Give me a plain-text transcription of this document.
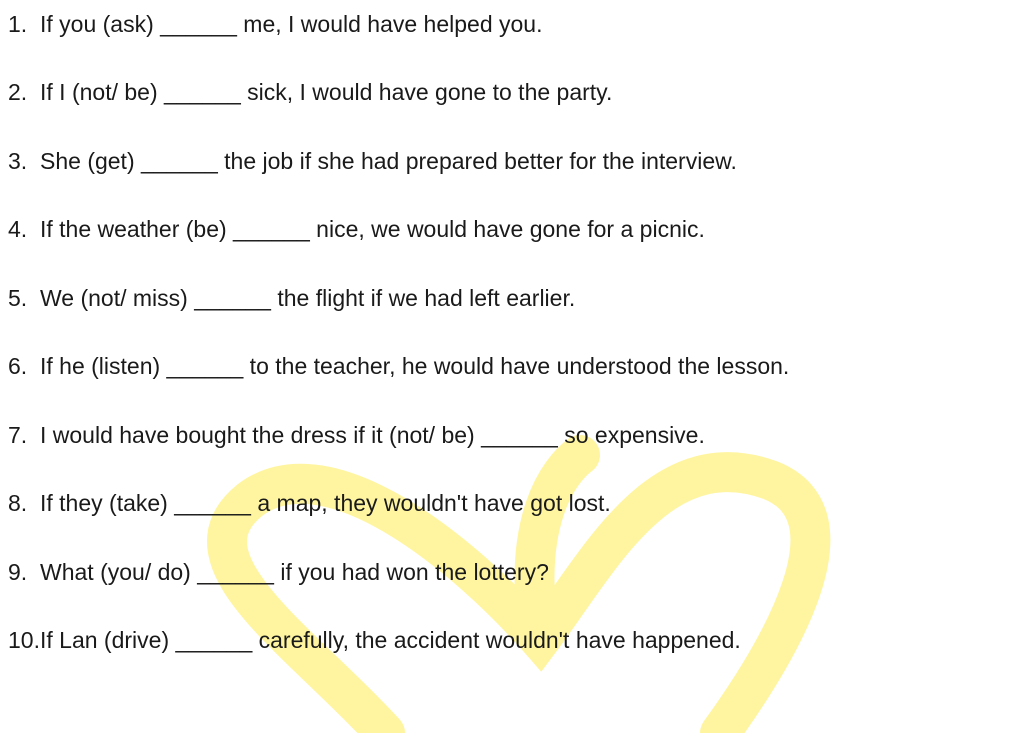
1. If you (ask) ______ me, I would have helped you.
2. If I (not/ be) ______ sick, I would have gone to the party.
3. She (get) ______ the job if she had prepared better for the interview.
4. If the weather (be) ______ nice, we would have gone for a picnic.
5. We (not/ miss) ______ the flight if we had left earlier.
6. If he (listen) ______ to the teacher, he would have understood the lesson.
7. I would have bought the dress if it (not/ be) ______ so expensive.
8. If they (take) ______ a map, they wouldn't have got lost.
9. What (you/ do) ______ if you had won the lottery?
10.If Lan (drive) ______ carefully, the accident wouldn't have happened.
